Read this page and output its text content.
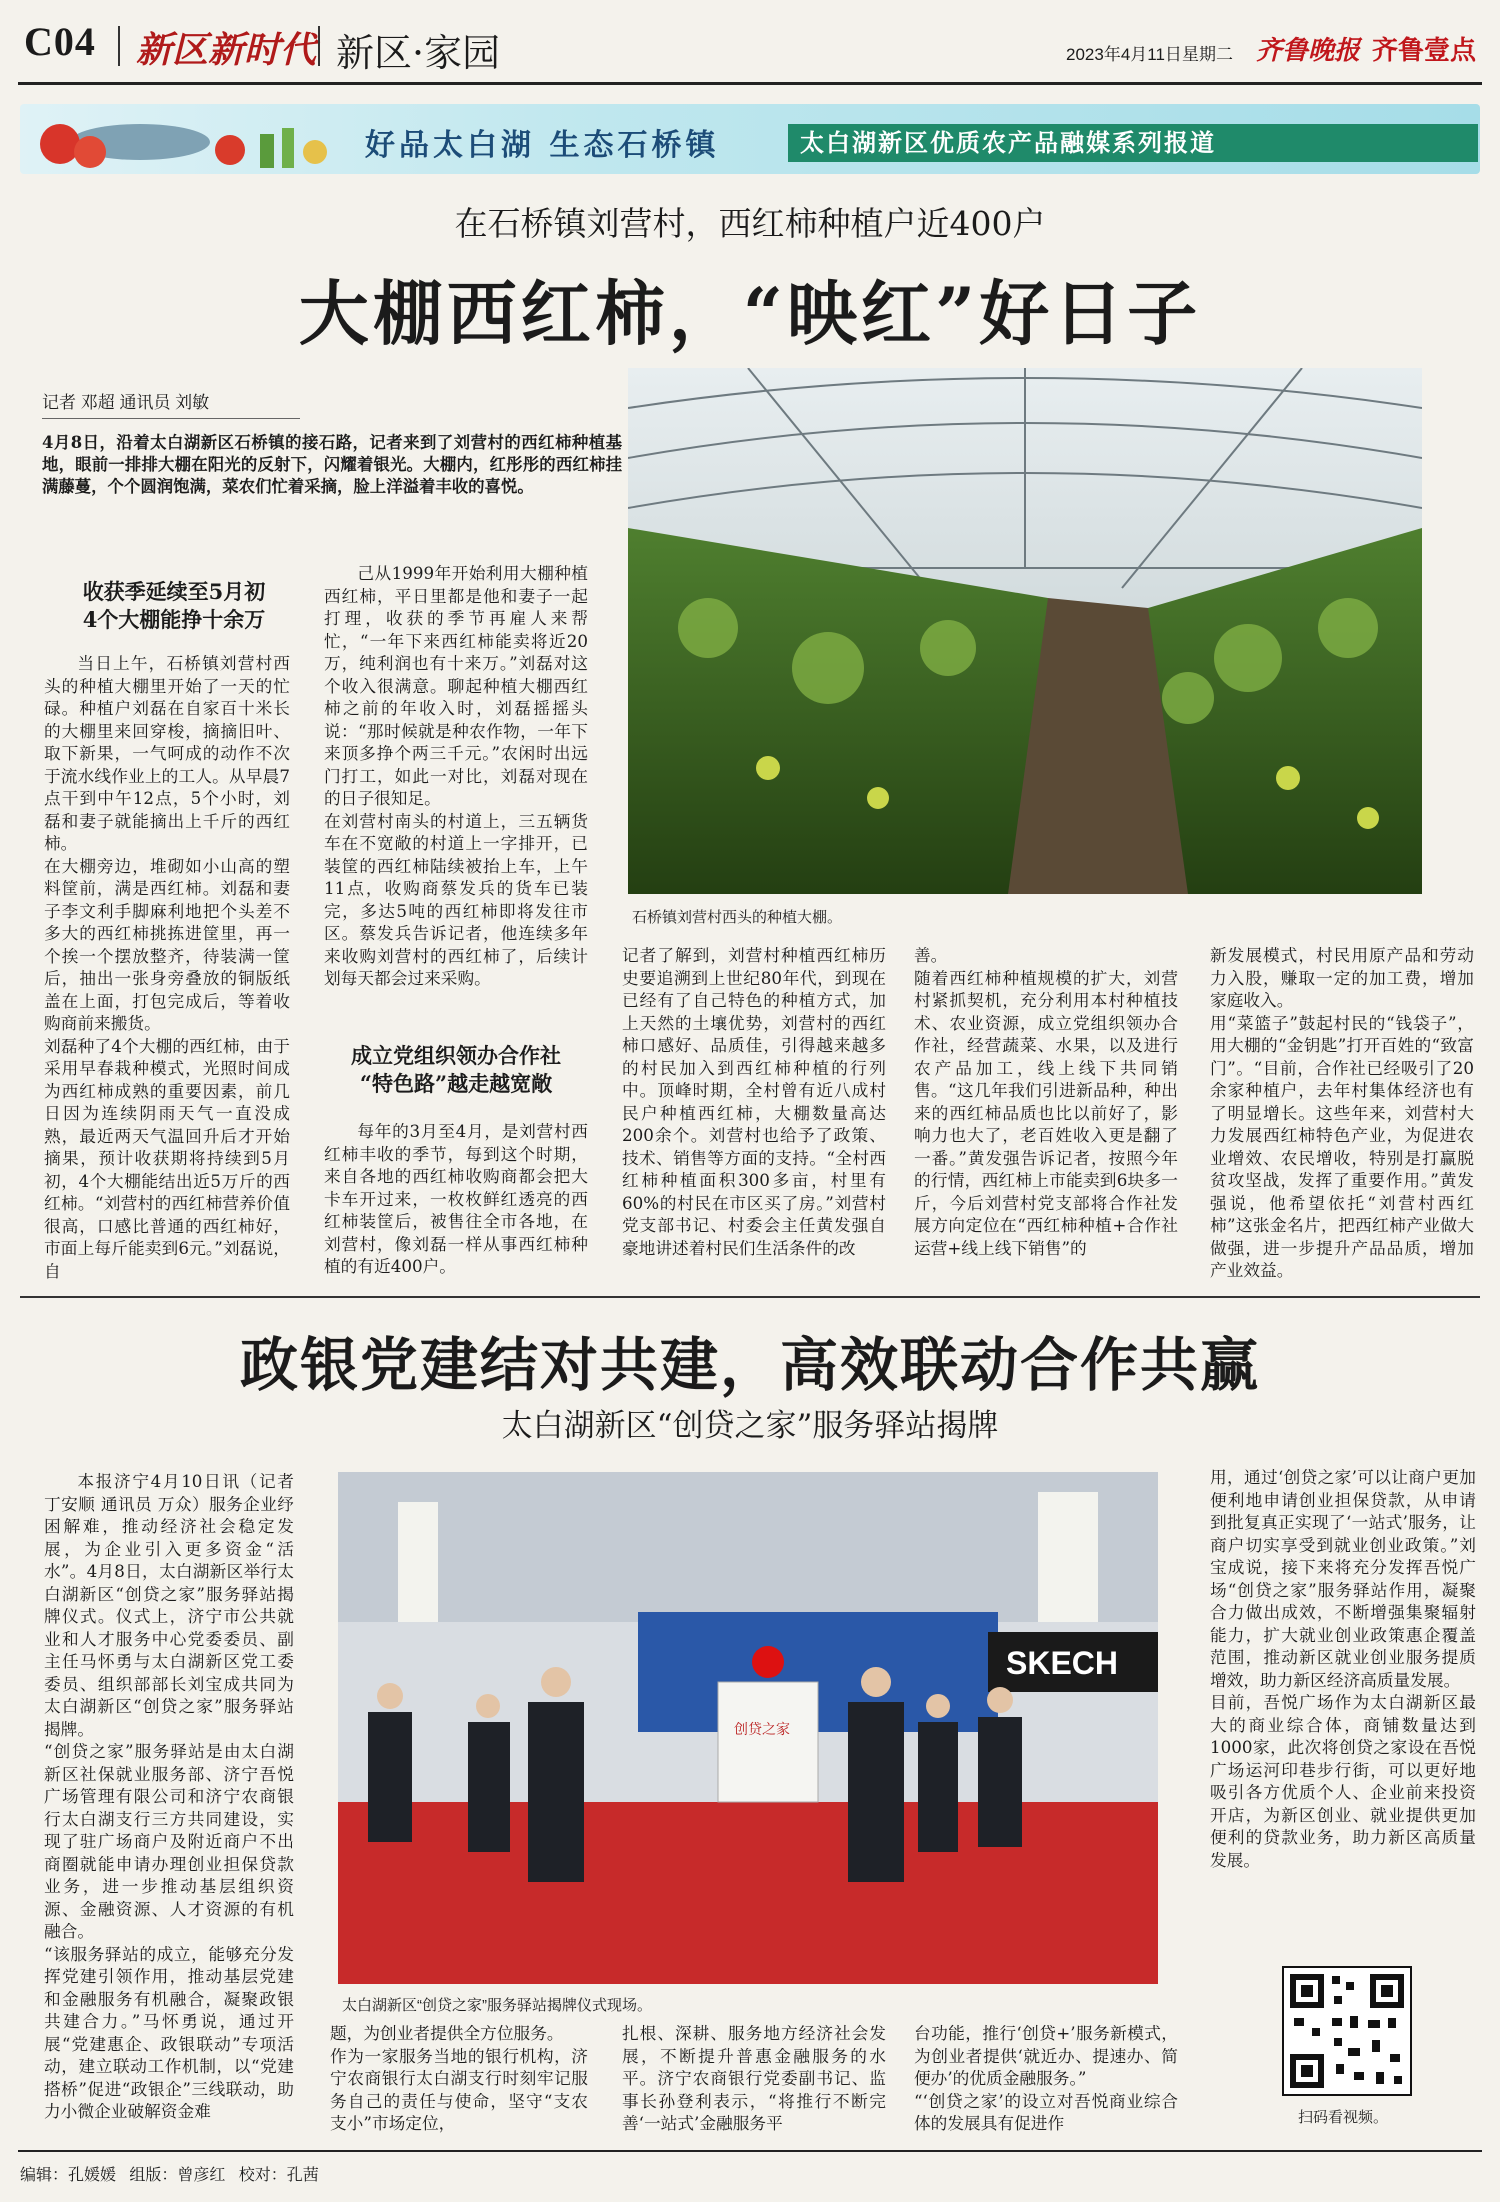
C04 新区新时代 新区·家园	2023年4月11日 星期二 齐鲁晚报 齐鲁壹点
好品太白湖 生态石桥镇	太白湖新区优质农产品融媒系列报道
在石桥镇刘营村，西红柿种植户近400户
大棚西红柿，“映红”好日子
记者 邓超 通讯员 刘敏
石桥镇刘营村西头的种植大棚。
4月8日，沿着太白湖新区石桥镇的接石路，记者来到了刘营村的西红柿种植基地，眼前一排排大棚在阳光的反射下，闪耀着银光。大棚内，红彤彤的西红柿挂满藤蔓，个个圆润饱满，菜农们忙着采摘，脸上洋溢着丰收的喜悦。
收获季延续至5月初
4个大棚能挣十余万
当日上午，石桥镇刘营村西头的种植大棚里开始了一天的忙碌。种植户刘磊在自家百十米长的大棚里来回穿梭，摘摘旧叶、取下新果，一气呵成的动作不次于流水线作业上的工人。从早晨7点干到中午12点，5个小时，刘磊和妻子就能摘出上千斤的西红柿。
在大棚旁边，堆砌如小山高的塑料筐前，满是西红柿。刘磊和妻子李文利手脚麻利地把个头差不多大的西红柿挑拣进筐里，再一个挨一个摆放整齐，待装满一筐后，抽出一张身旁叠放的铜版纸盖在上面，打包完成后，等着收购商前来搬货。
刘磊种了4个大棚的西红柿，由于采用早春栽种模式，光照时间成为西红柿成熟的重要因素，前几日因为连续阴雨天气一直没成熟，最近两天气温回升后才开始摘果，预计收获期将持续到5月初，4个大棚能结出近5万斤的西红柿。“刘营村的西红柿营养价值很高，口感比普通的西红柿好，市面上每斤能卖到6元。”刘磊说，自
己从1999年开始利用大棚种植西红柿，平日里都是他和妻子一起打理，收获的季节再雇人来帮忙，“一年下来西红柿能卖将近20万，纯利润也有十来万。”刘磊对这个收入很满意。聊起种植大棚西红柿之前的年收入时，刘磊摇摇头说：“那时候就是种农作物，一年下来顶多挣个两三千元。”农闲时出远门打工，如此一对比，刘磊对现在的日子很知足。
在刘营村南头的村道上，三五辆货车在不宽敞的村道上一字排开，已装筐的西红柿陆续被抬上车，上午11点，收购商蔡发兵的货车已装完，多达5吨的西红柿即将发往市区。蔡发兵告诉记者，他连续多年来收购刘营村的西红柿了，后续计划每天都会过来采购。
成立党组织领办合作社
“特色路”越走越宽敞
每年的3月至4月，是刘营村西红柿丰收的季节，每到这个时期，来自各地的西红柿收购商都会把大卡车开过来，一枚枚鲜红透亮的西红柿装筐后，被售往全市各地，在刘营村，像刘磊一样从事西红柿种植的有近400户。
记者了解到，刘营村种植西红柿历史要追溯到上世纪80年代，到现在已经有了自己特色的种植方式，加上天然的土壤优势，刘营村的西红柿口感好、品质佳，引得越来越多的村民加入到西红柿种植的行列中。顶峰时期，全村曾有近八成村民户种植西红柿，大棚数量高达200余个。刘营村也给予了政策、技术、销售等方面的支持。“全村西红柿种植面积300多亩，村里有60%的村民在市区买了房。”刘营村党支部书记、村委会主任黄发强自豪地讲述着村民们生活条件的改
善。
随着西红柿种植规模的扩大，刘营村紧抓契机，充分利用本村种植技术、农业资源，成立党组织领办合作社，经营蔬菜、水果，以及进行农产品加工，线上线下共同销售。“这几年我们引进新品种，种出来的西红柿品质也比以前好了，影响力也大了，老百姓收入更是翻了一番。”黄发强告诉记者，按照今年的行情，西红柿上市能卖到6块多一斤，今后刘营村党支部将合作社发展方向定位在“西红柿种植+合作社运营+线上线下销售”的
新发展模式，村民用原产品和劳动力入股，赚取一定的加工费，增加家庭收入。
用“菜篮子”鼓起村民的“钱袋子”，用大棚的“金钥匙”打开百姓的“致富门”。“目前，合作社已经吸引了20余家种植户，去年村集体经济也有了明显增长。这些年来，刘营村大力发展西红柿特色产业，为促进农业增效、农民增收，特别是打赢脱贫攻坚战，发挥了重要作用。”黄发强说，他希望依托“刘营村西红柿”这张金名片，把西红柿产业做大做强，进一步提升产品品质，增加产业效益。
政银党建结对共建，高效联动合作共赢
太白湖新区“创贷之家”服务驿站揭牌
SKECH
创贷之家
太白湖新区“创贷之家”服务驿站揭牌仪式现场。
本报济宁4月10日讯（记者 丁安顺 通讯员 万众）服务企业纾困解难，推动经济社会稳定发展，为企业引入更多资金“活水”。4月8日，太白湖新区举行太白湖新区“创贷之家”服务驿站揭牌仪式。仪式上，济宁市公共就业和人才服务中心党委委员、副主任马怀勇与太白湖新区党工委委员、组织部部长刘宝成共同为太白湖新区“创贷之家”服务驿站揭牌。
“创贷之家”服务驿站是由太白湖新区社保就业服务部、济宁吾悦广场管理有限公司和济宁农商银行太白湖支行三方共同建设，实现了驻广场商户及附近商户不出商圈就能申请办理创业担保贷款业务，进一步推动基层组织资源、金融资源、人才资源的有机融合。
“该服务驿站的成立，能够充分发挥党建引领作用，推动基层党建和金融服务有机融合，凝聚政银共建合力。”马怀勇说，通过开展“党建惠企、政银联动”专项活动，建立联动工作机制，以“党建搭桥”促进“政银企”三线联动，助力小微企业破解资金难
题，为创业者提供全方位服务。
作为一家服务当地的银行机构，济宁农商银行太白湖支行时刻牢记服务自己的责任与使命，坚守“支农支小”市场定位，
扎根、深耕、服务地方经济社会发展，不断提升普惠金融服务的水平。济宁农商银行党委副书记、监事长孙登利表示，“将推行不断完善‘一站式’金融服务平
台功能，推行‘创贷+’服务新模式，为创业者提供‘就近办、提速办、简便办’的优质金融服务。”
“‘创贷之家’的设立对吾悦商业综合体的发展具有促进作
用，通过‘创贷之家’可以让商户更加便利地申请创业担保贷款，从申请到批复真正实现了‘一站式’服务，让商户切实享受到就业创业政策。”刘宝成说，接下来将充分发挥吾悦广场“创贷之家”服务驿站作用，凝聚合力做出成效，不断增强集聚辐射能力，扩大就业创业政策惠企覆盖范围，推动新区就业创业服务提质增效，助力新区经济高质量发展。
目前，吾悦广场作为太白湖新区最大的商业综合体，商铺数量达到1000家，此次将创贷之家设在吾悦广场运河印巷步行街，可以更好地吸引各方优质个人、企业前来投资开店，为新区创业、就业提供更加便利的贷款业务，助力新区高质量发展。
扫码看视频。
编辑：孔媛媛 组版：曾彦红 校对：孔茜
